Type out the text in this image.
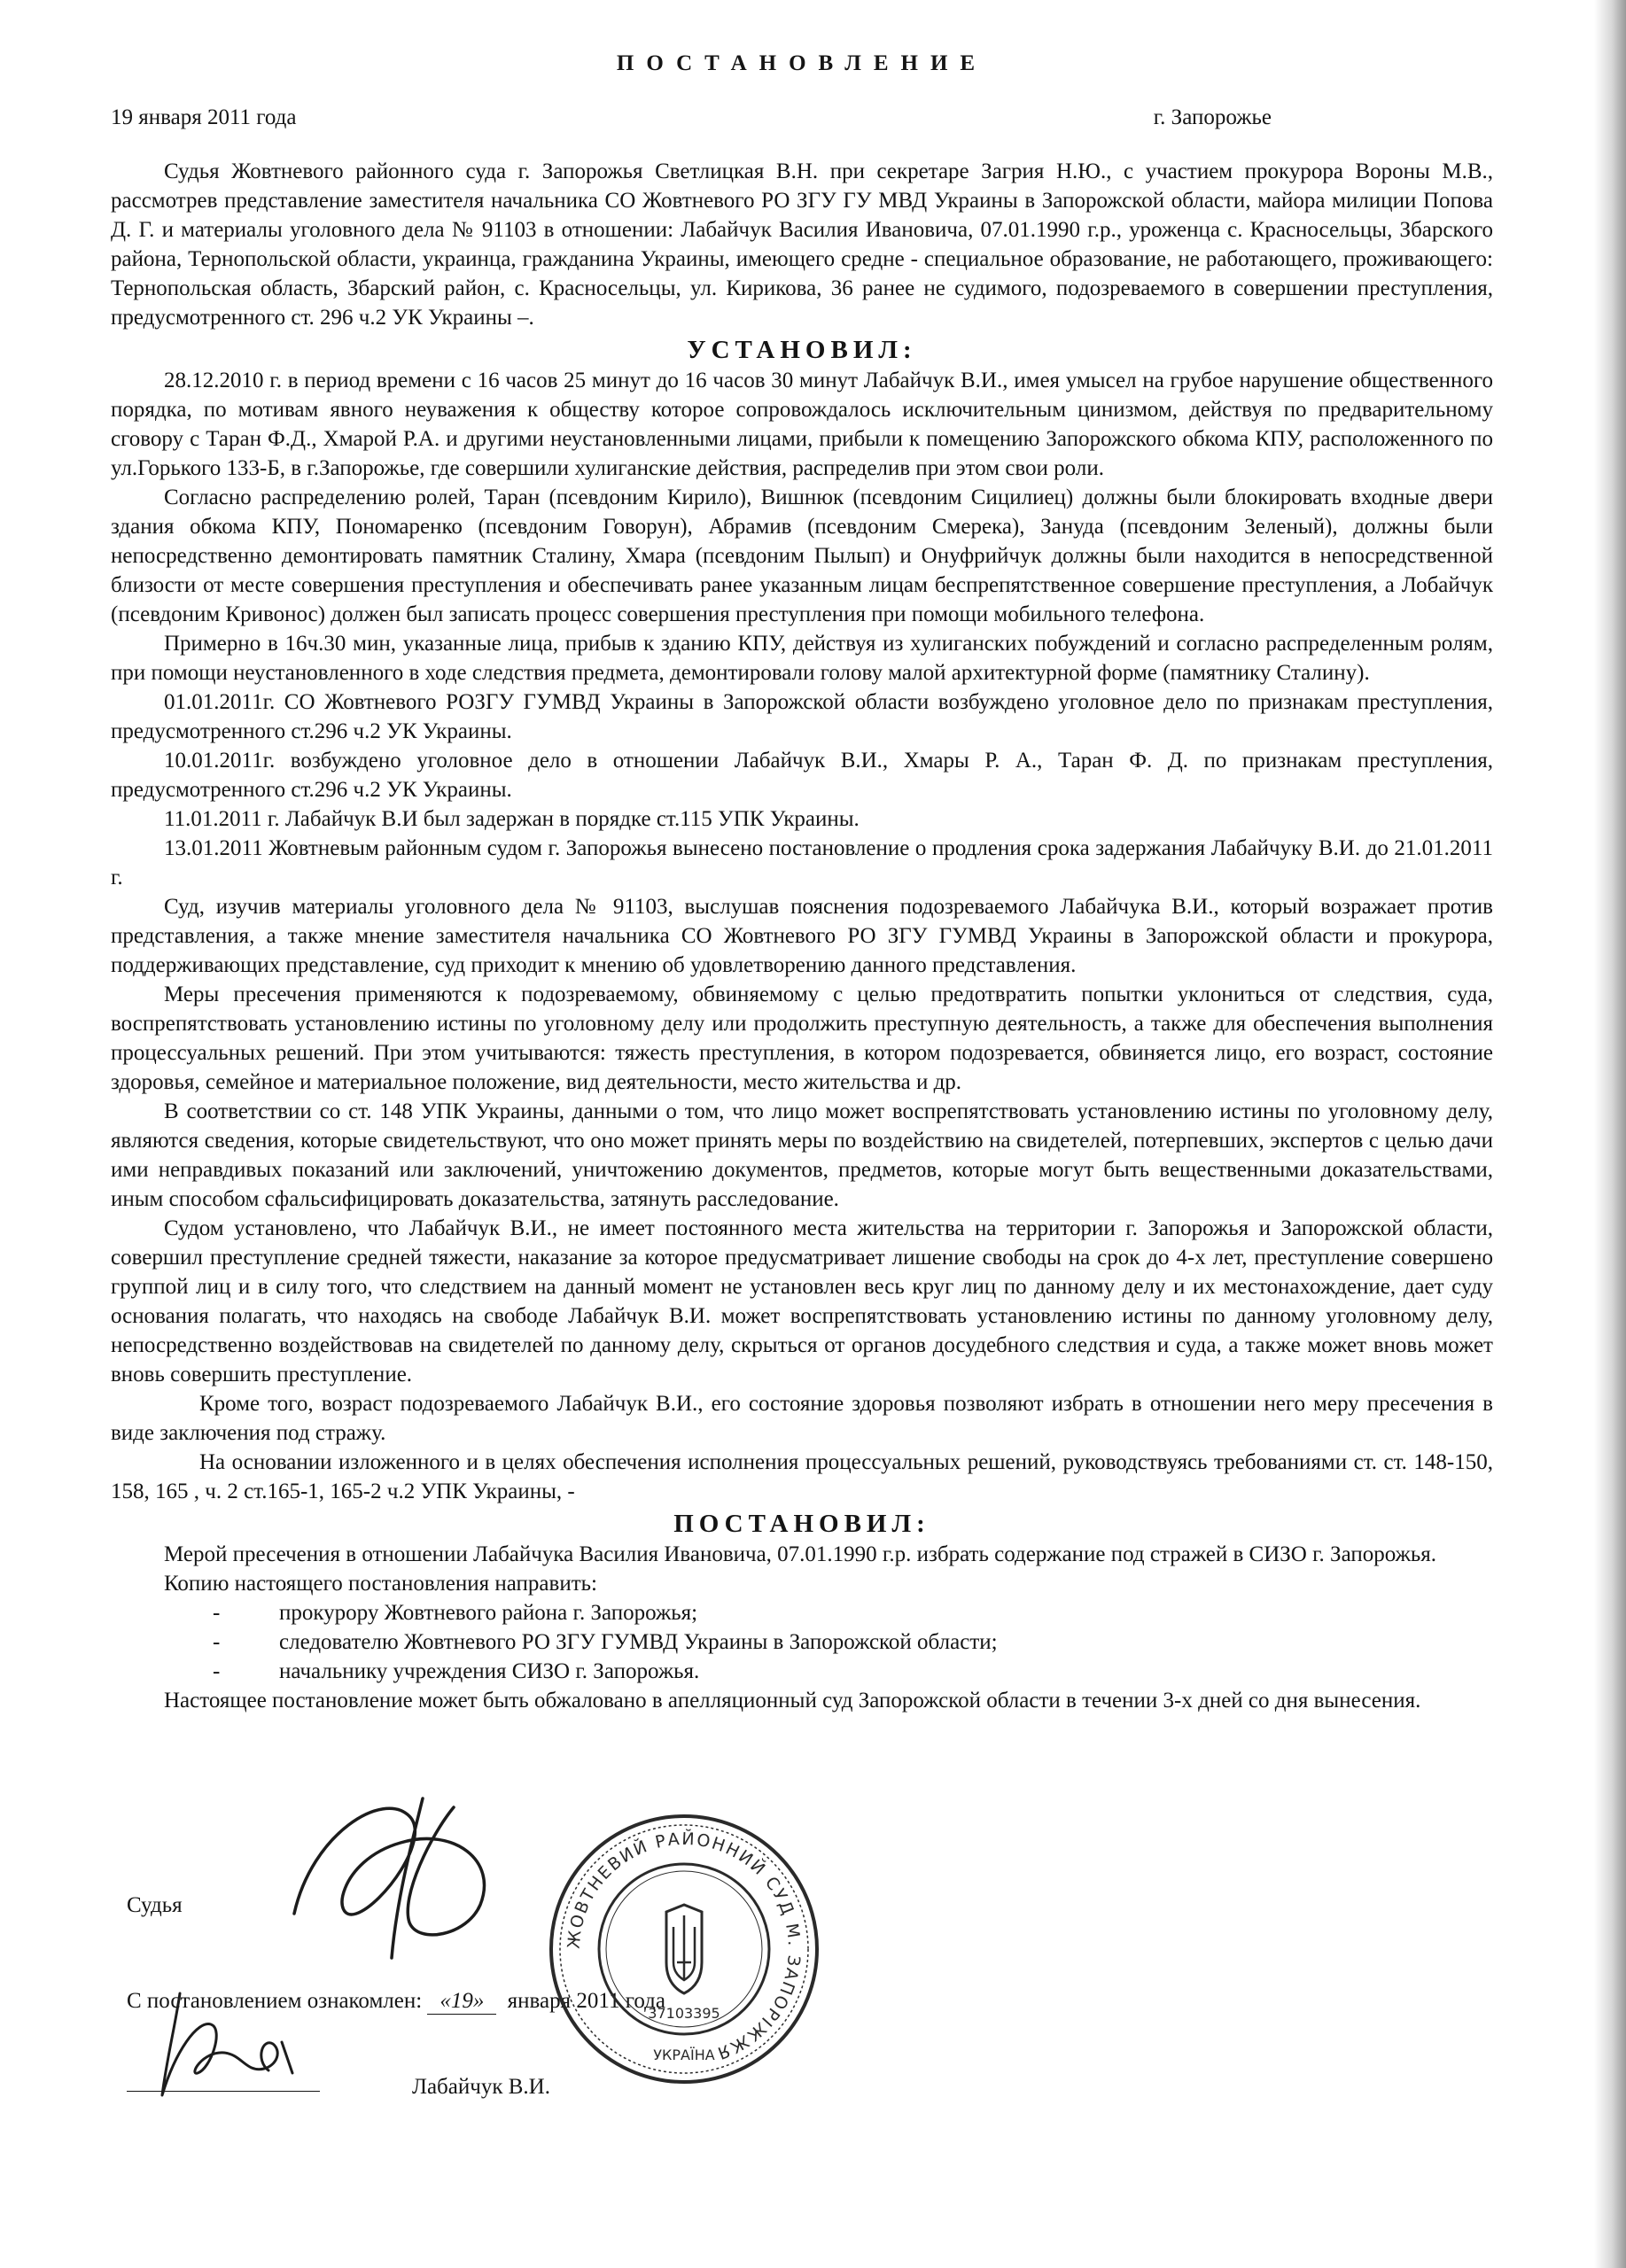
ПОСТАНОВЛЕНИЕ
19 января 2011 года	г. Запорожье

Судья Жовтневого районного суда г. Запорожья Светлицкая В.Н. при секретаре Загрия Н.Ю., с участием прокурора Вороны М.В., рассмотрев представление заместителя начальника СО Жовтневого РО ЗГУ ГУ МВД Украины в Запорожской области, майора милиции Попова Д. Г. и материалы уголовного дела № 91103 в отношении: Лабайчук Василия Ивановича, 07.01.1990 г.р., уроженца с. Красносельцы, Збарского района, Тернопольской области, украинца, гражданина Украины, имеющего средне - специальное образование, не работающего, проживающего: Тернопольская область, Збарский район, с. Красносельцы, ул. Кирикова, 36 ранее не судимого, подозреваемого в совершении преступления, предусмотренного ст. 296 ч.2 УК Украины –.

УСТАНОВИЛ:

28.12.2010 г. в период времени с 16 часов 25 минут до 16 часов 30 минут Лабайчук В.И., имея умысел на грубое нарушение общественного порядка, по мотивам явного неуважения к обществу которое сопровождалось исключительным цинизмом, действуя по предварительному сговору с Таран Ф.Д., Хмарой Р.А. и другими неустановленными лицами, прибыли к помещению Запорожского обкома КПУ, расположенного по ул.Горького 133-Б, в г.Запорожье, где совершили хулиганские действия, распределив при этом свои роли.

Согласно распределению ролей, Таран (псевдоним Кирило), Вишнюк (псевдоним Сицилиец) должны были блокировать входные двери здания обкома КПУ, Пономаренко (псевдоним Говорун), Абрамив (псевдоним Смерека), Зануда (псевдоним Зеленый), должны были непосредственно демонтировать памятник Сталину, Хмара (псевдоним Пылып) и Онуфрийчук должны были находится в непосредственной близости от месте совершения преступления и обеспечивать ранее указанным лицам беспрепятственное совершение преступления, а Лобайчук (псевдоним Кривонос) должен был записать процесс совершения преступления при помощи мобильного телефона.

Примерно в 16ч.30 мин, указанные лица, прибыв к зданию КПУ, действуя из хулиганских побуждений и согласно распределенным ролям, при помощи неустановленного в ходе следствия предмета, демонтировали голову малой архитектурной форме (памятнику Сталину).

01.01.2011г. СО Жовтневого РОЗГУ ГУМВД Украины в Запорожской области возбуждено уголовное дело по признакам преступления, предусмотренного ст.296 ч.2 УК Украины.

10.01.2011г. возбуждено уголовное дело в отношении Лабайчук В.И., Хмары Р. А., Таран Ф. Д. по признакам преступления, предусмотренного ст.296 ч.2 УК Украины.

11.01.2011 г. Лабайчук В.И был задержан в порядке ст.115 УПК Украины.

13.01.2011 Жовтневым районным судом г. Запорожья вынесено постановление о продления срока задержания Лабайчуку В.И. до 21.01.2011 г.

Суд, изучив материалы уголовного дела № 91103, выслушав пояснения подозреваемого Лабайчука В.И., который возражает против представления, а также мнение заместителя начальника СО Жовтневого РО ЗГУ ГУМВД Украины в Запорожской области и прокурора, поддерживающих представление, суд приходит к мнению об удовлетворению данного представления.

Меры пресечения применяются к подозреваемому, обвиняемому с целью предотвратить попытки уклониться от следствия, суда, воспрепятствовать установлению истины по уголовному делу или продолжить преступную деятельность, а также для обеспечения выполнения процессуальных решений. При этом учитываются: тяжесть преступления, в котором подозревается, обвиняется лицо, его возраст, состояние здоровья, семейное и материальное положение, вид деятельности, место жительства и др.

В соответствии со ст. 148 УПК Украины, данными о том, что лицо может воспрепятствовать установлению истины по уголовному делу, являются сведения, которые свидетельствуют, что оно может принять меры по воздействию на свидетелей, потерпевших, экспертов с целью дачи ими неправдивых показаний или заключений, уничтожению документов, предметов, которые могут быть вещественными доказательствами, иным способом сфальсифицировать доказательства, затянуть расследование.

Судом установлено, что Лабайчук В.И., не имеет постоянного места жительства на территории г. Запорожья и Запорожской области, совершил преступление средней тяжести, наказание за которое предусматривает лишение свободы на срок до 4-х лет, преступление совершено группой лиц и в силу того, что следствием на данный момент не установлен весь круг лиц по данному делу и их местонахождение, дает суду основания полагать, что находясь на свободе Лабайчук В.И. может воспрепятствовать установлению истины по данному уголовному делу, непосредственно воздействовав на свидетелей по данному делу, скрыться от органов досудебного следствия и суда, а также может вновь может вновь совершить преступление.

Кроме того, возраст подозреваемого Лабайчук В.И., его состояние здоровья позволяют избрать в отношении него меру пресечения в виде заключения под стражу.

На основании изложенного и в целях обеспечения исполнения процессуальных решений, руководствуясь требованиями ст. ст. 148-150, 158, 165 , ч. 2 ст.165-1, 165-2 ч.2 УПК Украины, -

ПОСТАНОВИЛ:

Мерой пресечения в отношении Лабайчука Василия Ивановича, 07.01.1990 г.р. избрать содержание под стражей в СИЗО г. Запорожья.

Копию настоящего постановления направить:

-	прокурору Жовтневого района г. Запорожья;
-	следователю Жовтневого РО ЗГУ ГУМВД Украины в Запорожской области;
-	начальнику учреждения СИЗО г. Запорожья.

Настоящее постановление может быть обжаловано в апелляционный суд Запорожской области в течении 3-х дней со дня вынесения.

Судья
С постановлением ознакомлен: «19» января 2011 года
Лабайчук В.И.
ЖОВТНЕВИЙ РАЙОННИЙ СУД М. ЗАПОРІЖЖЯ
37103395
УКРАЇНА
